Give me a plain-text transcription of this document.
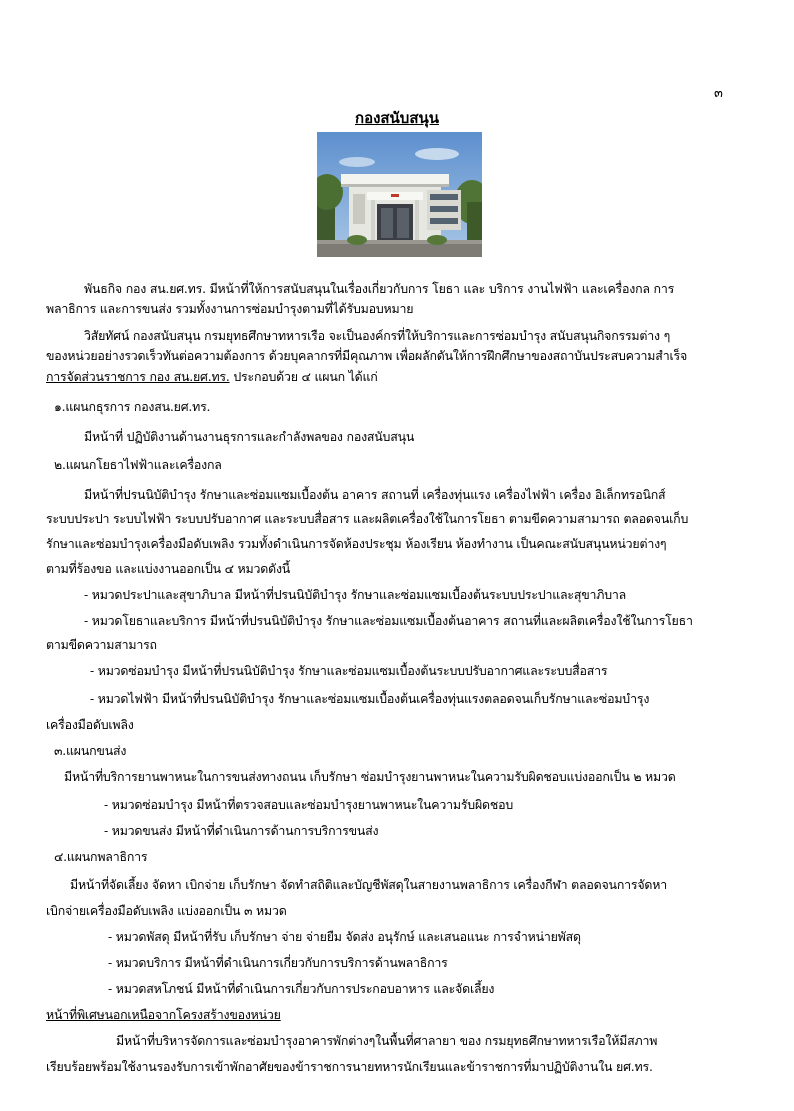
๓
กองสนับสนุน
พันธกิจ กอง สน.ยศ.ทร. มีหน้าที่ให้การสนับสนุนในเรื่องเกี่ยวกับการ โยธา และ บริการ งานไฟฟ้า และเครื่องกล การ
พลาธิการ และการขนส่ง รวมทั้งงานการซ่อมบำรุงตามที่ได้รับมอบหมาย
วิสัยทัศน์ กองสนับสนุน กรมยุทธศึกษาทหารเรือ จะเป็นองค์กรที่ให้บริการและการซ่อมบำรุง สนับสนุนกิจกรรมต่าง ๆ
ของหน่วยอย่างรวดเร็วทันต่อความต้องการ ด้วยบุคลากรที่มีคุณภาพ เพื่อผลักดันให้การฝึกศึกษาของสถาบันประสบความสำเร็จ
การจัดส่วนราชการ กอง สน.ยศ.ทร. ประกอบด้วย ๔ แผนก ได้แก่
๑.แผนกธุรการ กองสน.ยศ.ทร.
มีหน้าที่ ปฏิบัติงานด้านงานธุรการและกำลังพลของ กองสนับสนุน
๒.แผนกโยธาไฟฟ้าและเครื่องกล
มีหน้าที่ปรนนิบัติบำรุง รักษาและซ่อมแซมเบื้องต้น อาคาร สถานที่ เครื่องทุ่นแรง เครื่องไฟฟ้า เครื่อง อิเล็กทรอนิกส์
ระบบประปา ระบบไฟฟ้า ระบบปรับอากาศ และระบบสื่อสาร และผลิตเครื่องใช้ในการโยธา ตามขีดความสามารถ ตลอดจนเก็บ
รักษาและซ่อมบำรุงเครื่องมือดับเพลิง รวมทั้งดำเนินการจัดห้องประชุม ห้องเรียน ห้องทำงาน เป็นคณะสนับสนุนหน่วยต่างๆ
ตามที่ร้องขอ และแบ่งงานออกเป็น ๔ หมวดดังนี้
- หมวดประปาและสุขาภิบาล มีหน้าที่ปรนนิบัติบำรุง รักษาและซ่อมแซมเบื้องต้นระบบประปาและสุขาภิบาล
- หมวดโยธาและบริการ มีหน้าที่ปรนนิบัติบำรุง รักษาและซ่อมแซมเบื้องต้นอาคาร สถานที่และผลิตเครื่องใช้ในการโยธา
ตามขีดความสามารถ
- หมวดซ่อมบำรุง มีหน้าที่ปรนนิบัติบำรุง รักษาและซ่อมแซมเบื้องต้นระบบปรับอากาศและระบบสื่อสาร
- หมวดไฟฟ้า มีหน้าที่ปรนนิบัติบำรุง รักษาและซ่อมแซมเบื้องต้นเครื่องทุ่นแรงตลอดจนเก็บรักษาและซ่อมบำรุง
เครื่องมือดับเพลิง
๓.แผนกขนส่ง
มีหน้าที่บริการยานพาหนะในการขนส่งทางถนน เก็บรักษา ซ่อมบำรุงยานพาหนะในความรับผิดชอบแบ่งออกเป็น ๒ หมวด
- หมวดซ่อมบำรุง มีหน้าที่ตรวจสอบและซ่อมบำรุงยานพาหนะในความรับผิดชอบ
- หมวดขนส่ง มีหน้าที่ดำเนินการด้านการบริการขนส่ง
๔.แผนกพลาธิการ
มีหน้าที่จัดเลี้ยง จัดหา เบิกจ่าย เก็บรักษา จัดทำสถิติและบัญชีพัสดุในสายงานพลาธิการ เครื่องกีฬา ตลอดจนการจัดหา
เบิกจ่ายเครื่องมือดับเพลิง แบ่งออกเป็น ๓ หมวด
- หมวดพัสดุ มีหน้าที่รับ เก็บรักษา จ่าย จ่ายยืม จัดส่ง อนุรักษ์ และเสนอแนะ การจำหน่ายพัสดุ
- หมวดบริการ มีหน้าที่ดำเนินการเกี่ยวกับการบริการด้านพลาธิการ
- หมวดสหโภชน์ มีหน้าที่ดำเนินการเกี่ยวกับการประกอบอาหาร และจัดเลี้ยง
หน้าที่พิเศษนอกเหนือจากโครงสร้างของหน่วย
มีหน้าที่บริหารจัดการและซ่อมบำรุงอาคารพักต่างๆในพื้นที่ศาลายา ของ กรมยุทธศึกษาทหารเรือให้มีสภาพ
เรียบร้อยพร้อมใช้งานรองรับการเข้าพักอาศัยของข้าราชการนายทหารนักเรียนและข้าราชการที่มาปฏิบัติงานใน ยศ.ทร.
